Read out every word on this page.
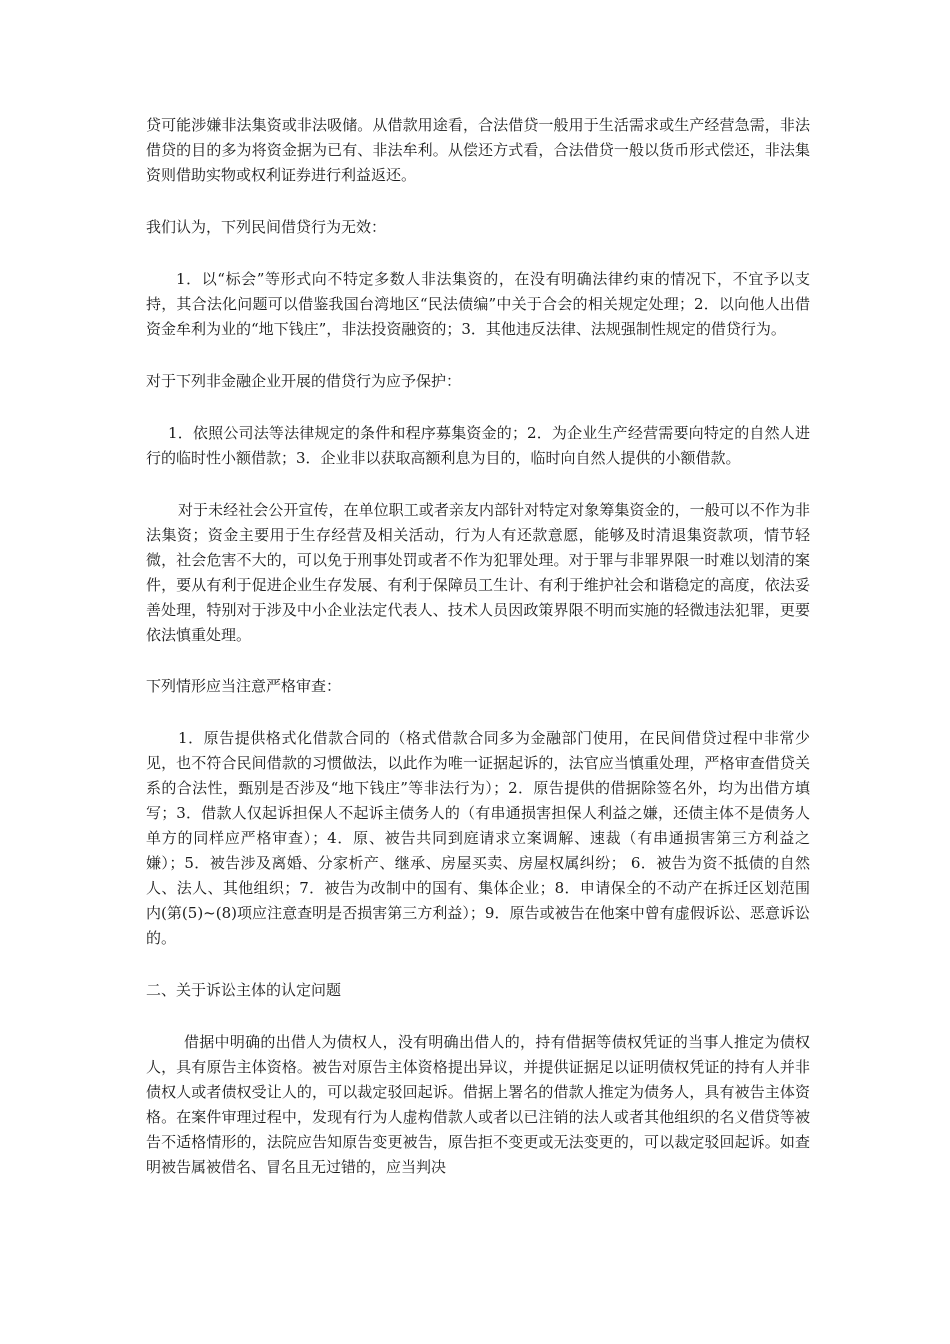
贷可能涉嫌非法集资或非法吸储。从借款用途看，合法借贷一般用于生活需求或生产经营急需，非法借贷的目的多为将资金据为已有、非法牟利。从偿还方式看，合法借贷一般以货币形式偿还，非法集资则借助实物或权利证券进行利益返还。

我们认为，下列民间借贷行为无效：

1．以“标会”等形式向不特定多数人非法集资的，在没有明确法律约束的情况下，不宜予以支持，其合法化问题可以借鉴我国台湾地区“民法债编”中关于合会的相关规定处理；2．以向他人出借资金牟利为业的“地下钱庄”，非法投资融资的；3．其他违反法律、法规强制性规定的借贷行为。

对于下列非金融企业开展的借贷行为应予保护：

1．依照公司法等法律规定的条件和程序募集资金的；2．为企业生产经营需要向特定的自然人进行的临时性小额借款；3．企业非以获取高额利息为目的，临时向自然人提供的小额借款。

对于未经社会公开宣传，在单位职工或者亲友内部针对特定对象筹集资金的，一般可以不作为非法集资；资金主要用于生存经营及相关活动，行为人有还款意愿，能够及时清退集资款项，情节轻微，社会危害不大的，可以免于刑事处罚或者不作为犯罪处理。对于罪与非罪界限一时难以划清的案件，要从有利于促进企业生存发展、有利于保障员工生计、有利于维护社会和谐稳定的高度，依法妥善处理，特别对于涉及中小企业法定代表人、技术人员因政策界限不明而实施的轻微违法犯罪，更要依法慎重处理。

下列情形应当注意严格审查：

1．原告提供格式化借款合同的（格式借款合同多为金融部门使用，在民间借贷过程中非常少见，也不符合民间借款的习惯做法，以此作为唯一证据起诉的，法官应当慎重处理，严格审查借贷关系的合法性，甄别是否涉及“地下钱庄”等非法行为）；2．原告提供的借据除签名外，均为出借方填写；3．借款人仅起诉担保人不起诉主债务人的（有串通损害担保人利益之嫌，还债主体不是债务人单方的同样应严格审查）；4．原、被告共同到庭请求立案调解、速裁（有串通损害第三方利益之嫌）；5．被告涉及离婚、分家析产、继承、房屋买卖、房屋权属纠纷； 6．被告为资不抵债的自然人、法人、其他组织；7．被告为改制中的国有、集体企业；8．申请保全的不动产在拆迁区划范围内(第(5)~(8)项应注意查明是否损害第三方利益）；9．原告或被告在他案中曾有虚假诉讼、恶意诉讼的。

二、关于诉讼主体的认定问题

借据中明确的出借人为债权人，没有明确出借人的，持有借据等债权凭证的当事人推定为债权人，具有原告主体资格。被告对原告主体资格提出异议，并提供证据足以证明债权凭证的持有人并非债权人或者债权受让人的，可以裁定驳回起诉。借据上署名的借款人推定为债务人，具有被告主体资格。在案件审理过程中，发现有行为人虚构借款人或者以已注销的法人或者其他组织的名义借贷等被告不适格情形的，法院应告知原告变更被告，原告拒不变更或无法变更的，可以裁定驳回起诉。如查明被告属被借名、冒名且无过错的，应当判决
